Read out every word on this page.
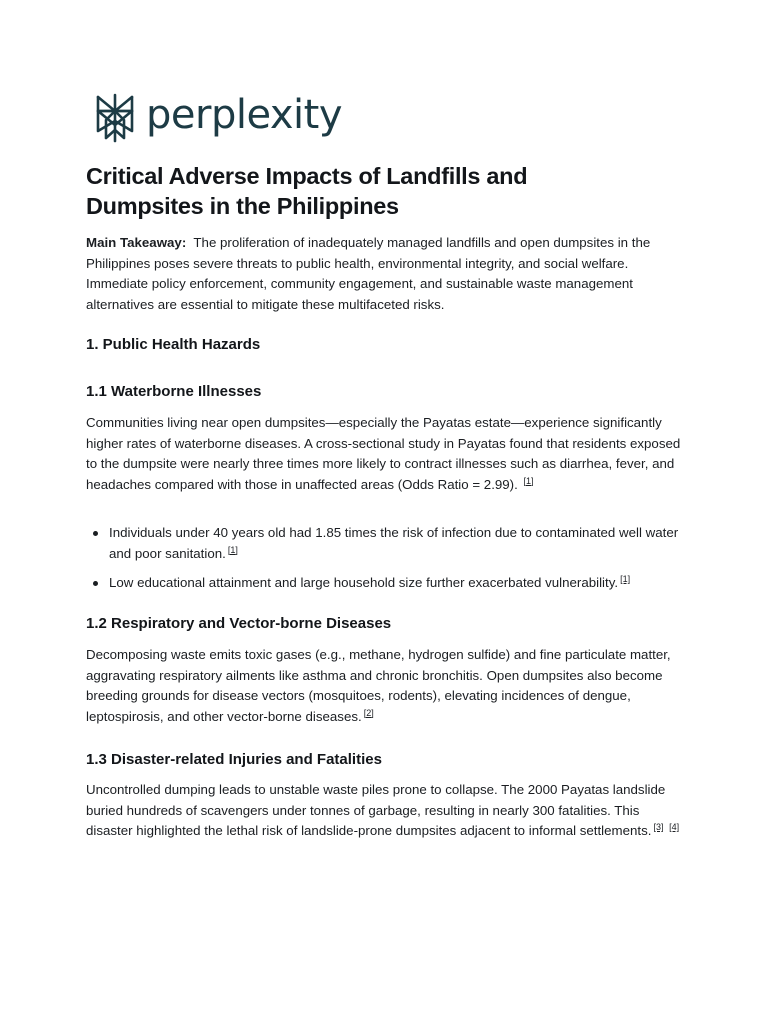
perplexity
Critical Adverse Impacts of Landfills and Dumpsites in the Philippines

Main Takeaway: The proliferation of inadequately managed landfills and open dumpsites in the Philippines poses severe threats to public health, environmental integrity, and social welfare. Immediate policy enforcement, community engagement, and sustainable waste management alternatives are essential to mitigate these multifaceted risks.

1. Public Health Hazards
1.1 Waterborne Illnesses

Communities living near open dumpsites—especially the Payatas estate—experience significantly higher rates of waterborne diseases. A cross-sectional study in Payatas found that residents exposed to the dumpsite were nearly three times more likely to contract illnesses such as diarrhea, fever, and headaches compared with those in unaffected areas (Odds Ratio = 2.99). [1]

Individuals under 40 years old had 1.85 times the risk of infection due to contaminated well water and poor sanitation. [1]
Low educational attainment and large household size further exacerbated vulnerability. [1]
1.2 Respiratory and Vector-borne Diseases

Decomposing waste emits toxic gases (e.g., methane, hydrogen sulfide) and fine particulate matter, aggravating respiratory ailments like asthma and chronic bronchitis. Open dumpsites also become breeding grounds for disease vectors (mosquitoes, rodents), elevating incidences of dengue, leptospirosis, and other vector-borne diseases. [2]

1.3 Disaster-related Injuries and Fatalities

Uncontrolled dumping leads to unstable waste piles prone to collapse. The 2000 Payatas landslide buried hundreds of scavengers under tonnes of garbage, resulting in nearly 300 fatalities. This disaster highlighted the lethal risk of landslide-prone dumpsites adjacent to informal settlements. [3] [4]
